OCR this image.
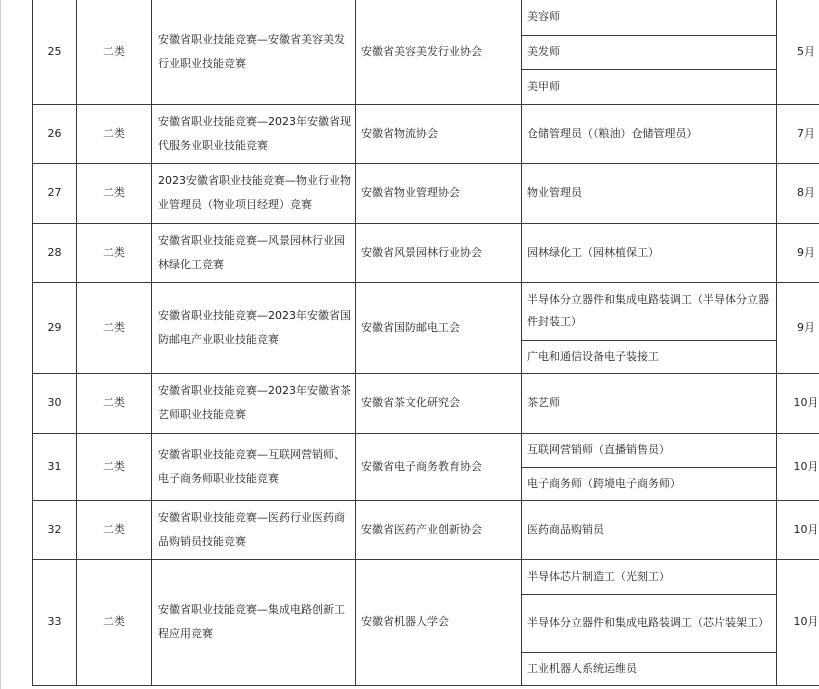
25	二类	安徽省职业技能竞赛—安徽省美容美发行业职业技能竞赛	安徽省美容美发行业协会	美容师	5月
				美发师	
				美甲师	
26	二类	安徽省职业技能竞赛—2023年安徽省现代服务业职业技能竞赛	安徽省物流协会	仓储管理员（（粮油）仓储管理员）	7月
27	二类	2023安徽省职业技能竞赛—物业行业物业管理员（物业项目经理）竞赛	安徽省物业管理协会	物业管理员	8月
28	二类	安徽省职业技能竞赛—风景园林行业园林绿化工竞赛	安徽省风景园林行业协会	园林绿化工（园林植保工）	9月
29	二类	安徽省职业技能竞赛—2023年安徽省国防邮电产业职业技能竞赛	安徽省国防邮电工会	半导体分立器件和集成电路装调工（半导体分立器件封装工）	9月
				广电和通信设备电子装接工	
30	二类	安徽省职业技能竞赛—2023年安徽省茶艺师职业技能竞赛	安徽省茶文化研究会	茶艺师	10月
31	二类	安徽省职业技能竞赛—互联网营销师、电子商务师职业技能竞赛	安徽省电子商务教育协会	互联网营销师（直播销售员）	10月
				电子商务师（跨境电子商务师）	
32	二类	安徽省职业技能竞赛—医药行业医药商品购销员技能竞赛	安徽省医药产业创新协会	医药商品购销员	10月
33	二类	安徽省职业技能竞赛—集成电路创新工程应用竞赛	安徽省机器人学会	半导体芯片制造工（光刻工）	10月
				半导体分立器件和集成电路装调工（芯片装架工）	
				工业机器人系统运维员	
